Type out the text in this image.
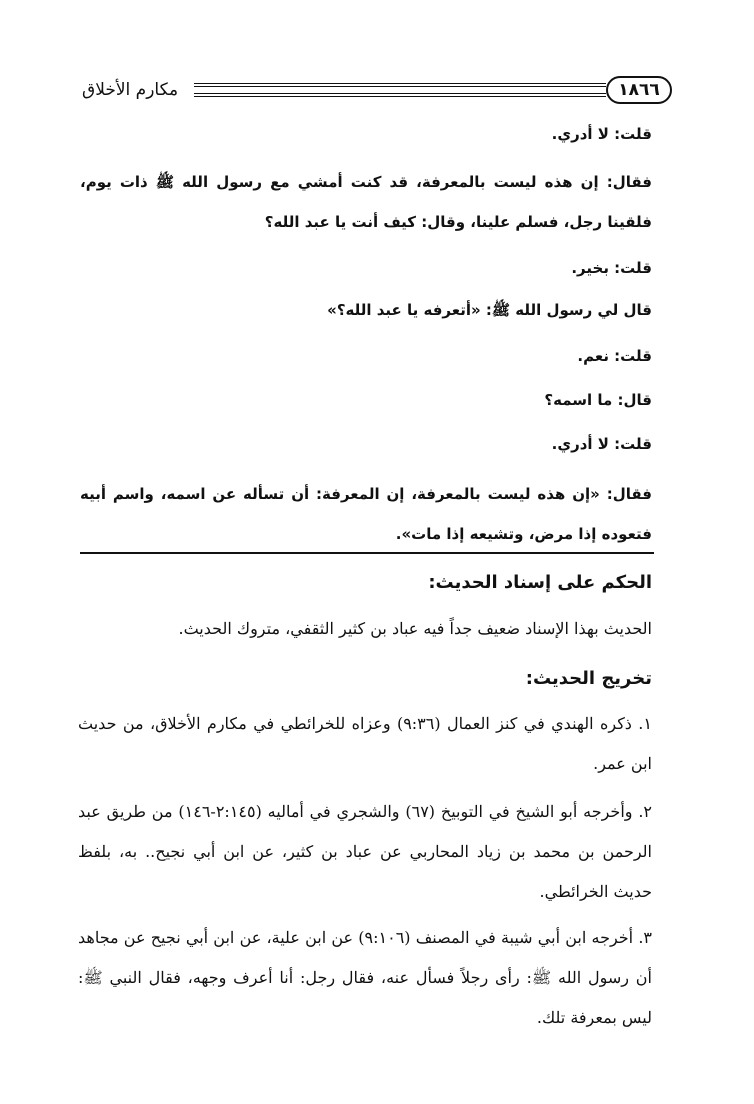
١٨٦٦
مكارم الأخلاق

قلت: لا أدري.

فقال: إن هذه ليست بالمعرفة، قد كنت أمشي مع رسول الله ﷺ ذات يوم، فلقينا رجل، فسلم علينا، وقال: كيف أنت يا عبد الله؟

قلت: بخير.

قال لي رسول الله ﷺ: «أتعرفه يا عبد الله؟»

قلت: نعم.

قال: ما اسمه؟

قلت: لا أدري.

فقال: «إن هذه ليست بالمعرفة، إن المعرفة: أن تسأله عن اسمه، واسم أبيه فتعوده إذا مرض، وتشيعه إذا مات».

الحكم على إسناد الحديث:

الحديث بهذا الإسناد ضعيف جداً فيه عباد بن كثير الثقفي، متروك الحديث.

تخريج الحديث:

١. ذكره الهندي في كنز العمال (٩:٣٦) وعزاه للخرائطي في مكارم الأخلاق، من حديث ابن عمر.

٢. وأخرجه أبو الشيخ في التوبيخ (٦٧) والشجري في أماليه (٢:١٤٥-١٤٦) من طريق عبد الرحمن بن محمد بن زياد المحاربي عن عباد بن كثير، عن ابن أبي نجيح.. به، بلفظ حديث الخرائطي.

٣. أخرجه ابن أبي شيبة في المصنف (٩:١٠٦) عن ابن علية، عن ابن أبي نجيح عن مجاهد أن رسول الله ﷺ: رأى رجلاً فسأل عنه، فقال رجل: أنا أعرف وجهه، فقال النبي ﷺ: ليس بمعرفة تلك.
